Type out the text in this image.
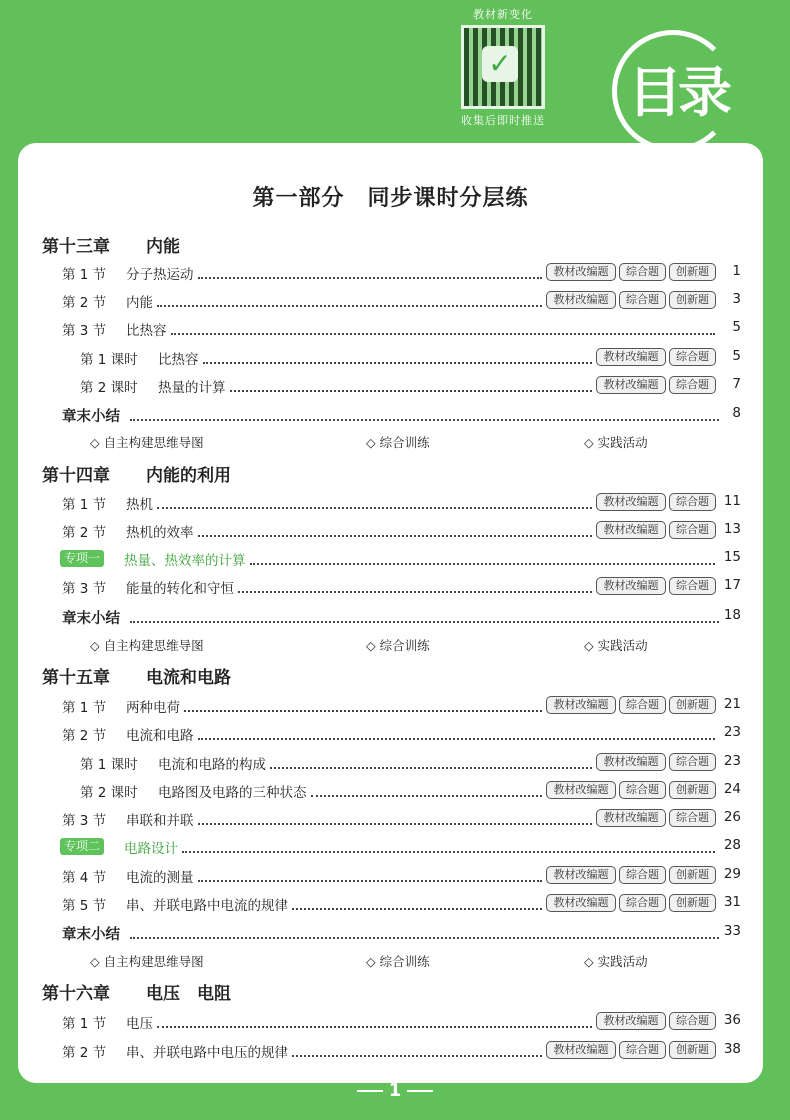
教材新变化
✓
收集后即时推送 目录
第一部分　同步课时分层练
第十三章 内能
第 1 节 分子热运动	教材改编题	综合题	创新题	1
第 2 节 内能	教材改编题	综合题	创新题	3
第 3 节 比热容	5
第 1 课时 比热容	教材改编题	综合题	5
第 2 课时 热量的计算	教材改编题	综合题	7
章末小结	8
◇ 自主构建思维导图	◇ 综合训练	◇ 实践活动
第十四章 内能的利用
第 1 节 热机	教材改编题	综合题	11
第 2 节 热机的效率	教材改编题	综合题	13
专项一 热量、热效率的计算	15
第 3 节 能量的转化和守恒	教材改编题	综合题	17
章末小结	18
◇ 自主构建思维导图	◇ 综合训练	◇ 实践活动
第十五章 电流和电路
第 1 节 两种电荷	教材改编题	综合题	创新题	21
第 2 节 电流和电路	23
第 1 课时 电流和电路的构成	教材改编题	综合题	23
第 2 课时 电路图及电路的三种状态	教材改编题	综合题	创新题	24
第 3 节 串联和并联	教材改编题	综合题	26
专项二 电路设计	28
第 4 节 电流的测量	教材改编题	综合题	创新题	29
第 5 节 串、并联电路中电流的规律	教材改编题	综合题	创新题	31
章末小结	33
◇ 自主构建思维导图	◇ 综合训练	◇ 实践活动
第十六章 电压　电阻
第 1 节 电压	教材改编题	综合题	36
第 2 节 串、并联电路中电压的规律	教材改编题	综合题	创新题	38
1
